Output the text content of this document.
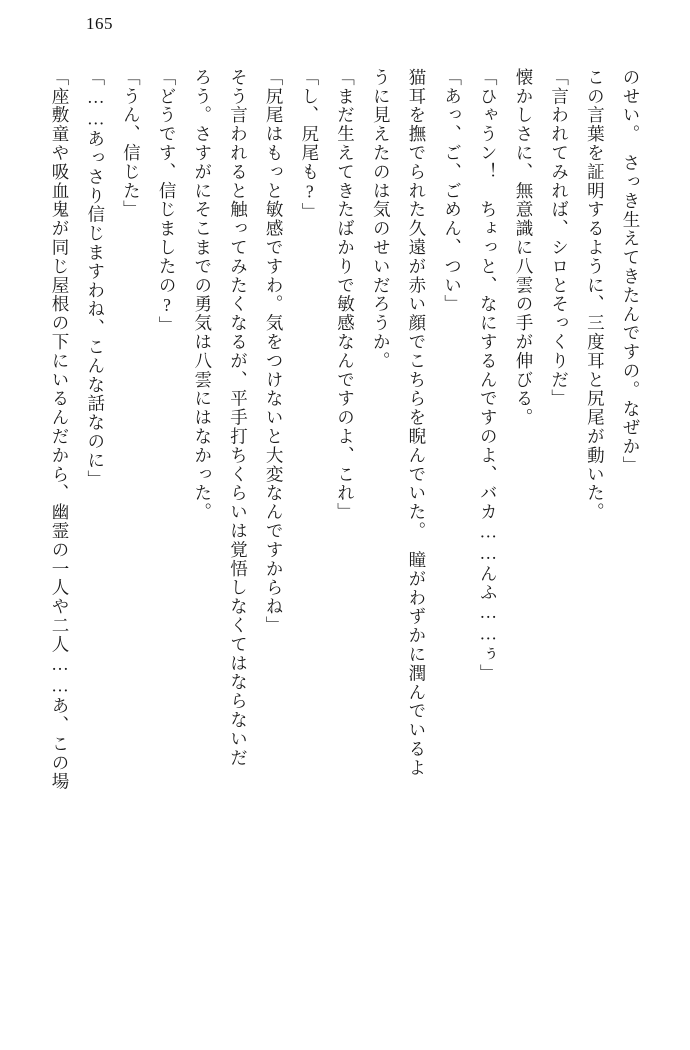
165
のせい。　さっき生えてきたんですの。なぜか」
この言葉を証明するように、三度耳と尻尾が動いた。
「言われてみれば、シロとそっくりだ」
懐かしさに、無意識に八雲の手が伸びる。
「ひゃうン！　ちょっと、なにするんですのよ、バカ……んふ……ぅ」
「あっ、ご、ごめん、つい」
猫耳を撫でられた久遠が赤い顔でこちらを睨んでいた。　瞳がわずかに潤んでいるよ
うに見えたのは気のせいだろうか。
「まだ生えてきたばかりで敏感なんですのよ、これ」
「し、尻尾も?」
「尻尾はもっと敏感ですわ。気をつけないと大変なんですからね」
そう言われると触ってみたくなるが、平手打ちくらいは覚悟しなくてはならないだ
ろう。さすがにそこまでの勇気は八雲にはなかった。
「どうです、信じましたの?」
「うん、信じた」
「……あっさり信じますわね、こんな話なのに」
「座敷童や吸血鬼が同じ屋根の下にいるんだから、幽霊の一人や二人……あ、この場
